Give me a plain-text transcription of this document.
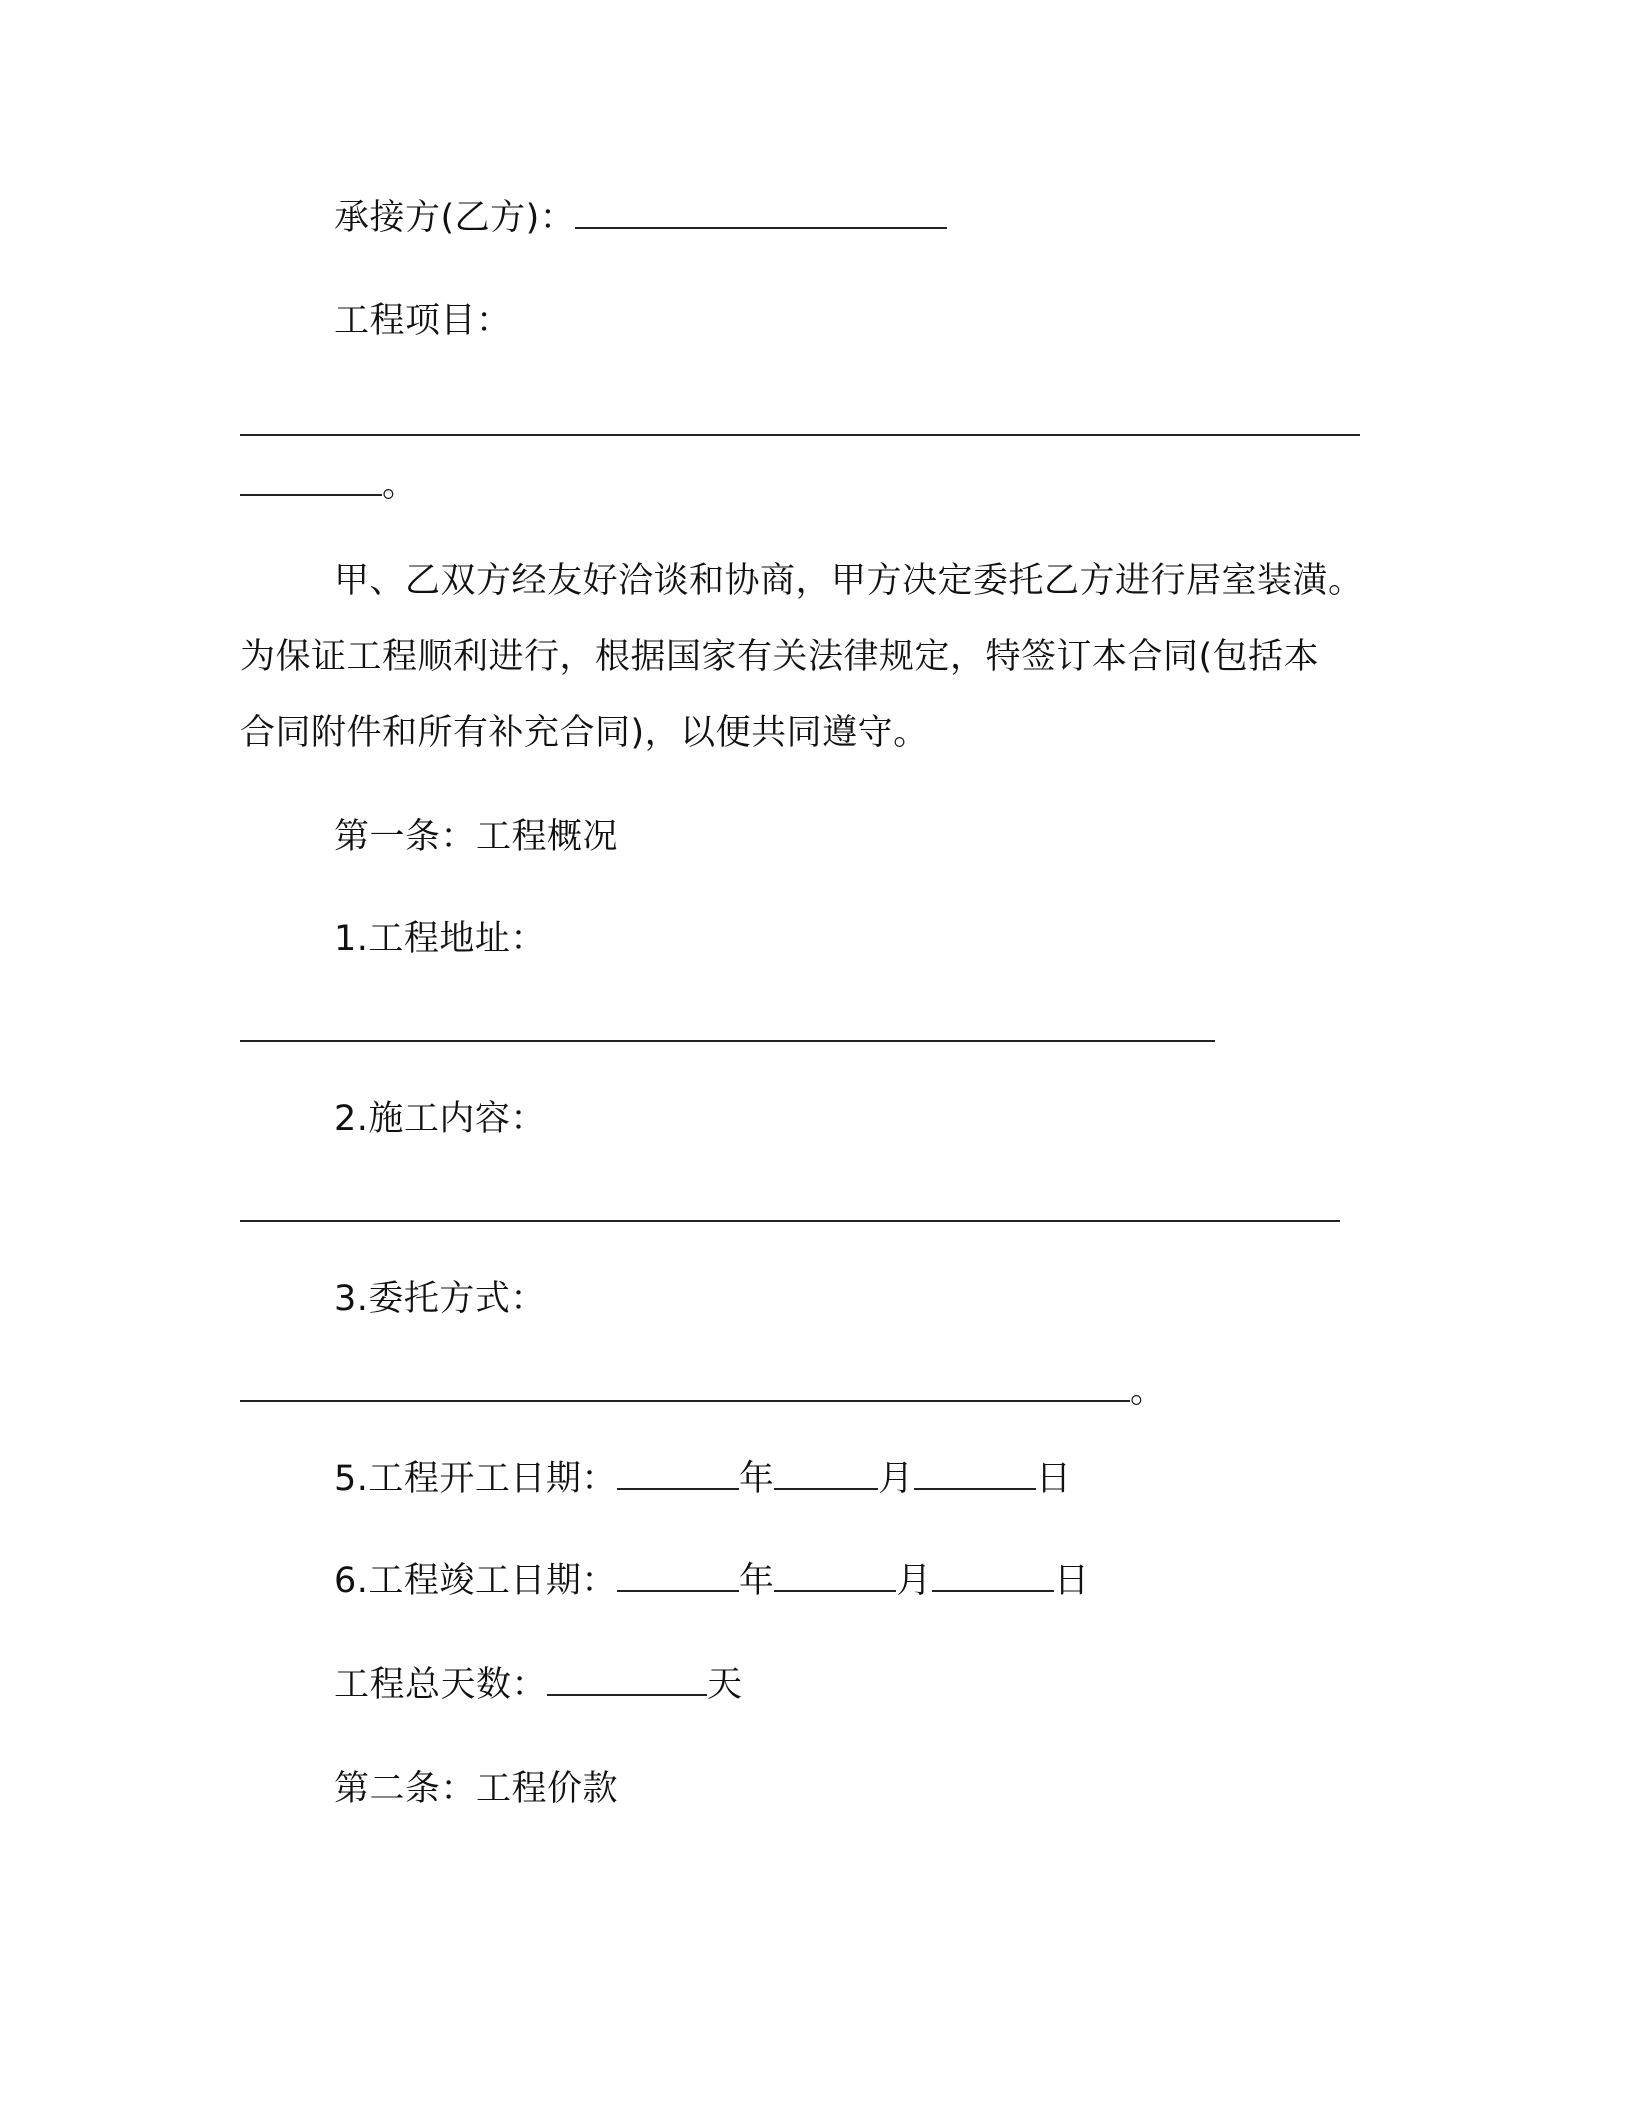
承接方(乙方)：
工程项目：
。
甲、乙双方经友好洽谈和协商，甲方决定委托乙方进行居室装潢。
为保证工程顺利进行，根据国家有关法律规定，特签订本合同(包括本
合同附件和所有补充合同)，以便共同遵守。
第一条：工程概况
1.工程地址：
2.施工内容：
3.委托方式：
。
5.工程开工日期：	年	月	日
6.工程竣工日期：	年	月	日
工程总天数：	天
第二条：工程价款
